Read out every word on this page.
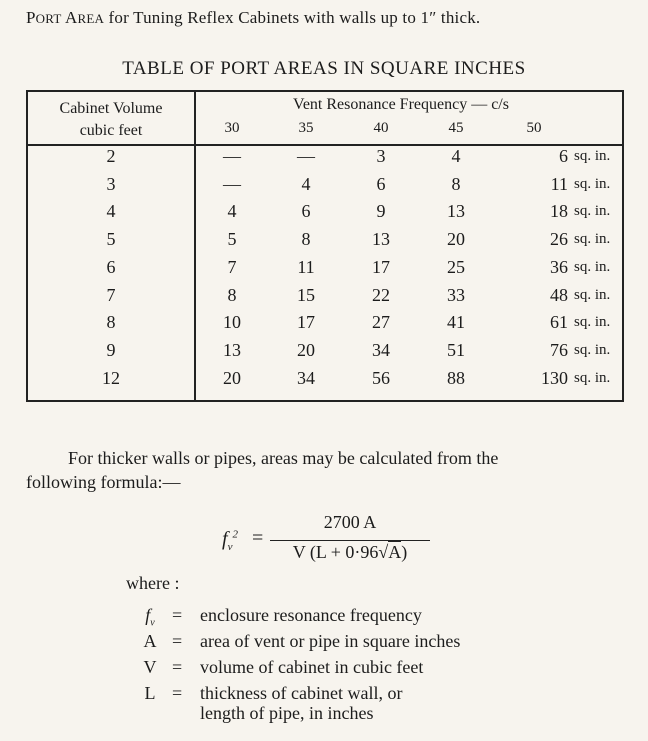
PORT AREA for Tuning Reflex Cabinets with walls up to 1″ thick.
TABLE OF PORT AREAS IN SQUARE INCHES
Cabinet Volume
cubic feet
Vent Resonance Frequency — c/s
30	35	40	45	50
2	—	—	3	4	6 sq. in.
3	—	4	6	8	11 sq. in.
4	4	6	9	13	18 sq. in.
5	5	8	13	20	26 sq. in.
6	7	11	17	25	36 sq. in.
7	8	15	22	33	48 sq. in.
8	10	17	27	41	61 sq. in.
9	13	20	34	51	76 sq. in.
12	20	34	56	88	130 sq. in.
For thicker walls or pipes, areas may be calculated from the
following formula:—
$f_v^2$ =
2700 A
V (L + 0·96√A)
where :
$f_v$ = enclosure resonance frequency
A = area of vent or pipe in square inches
V = volume of cabinet in cubic feet
L = thickness of cabinet wall, or
length of pipe, in inches
